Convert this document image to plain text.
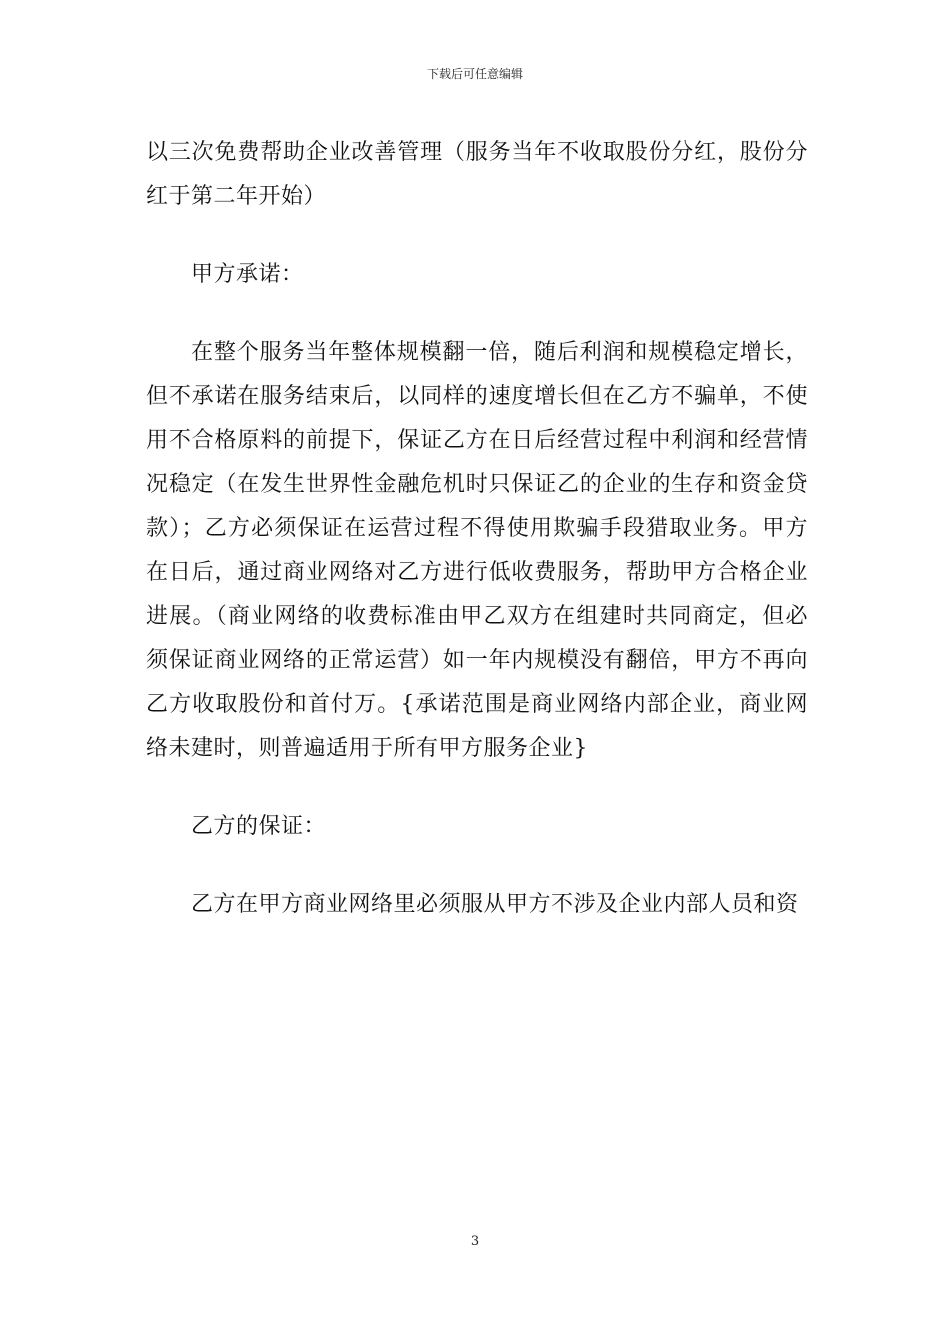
下载后可任意编辑

以三次免费帮助企业改善管理（服务当年不收取股份分红，股份分红于第二年开始）

甲方承诺：

在整个服务当年整体规模翻一倍，随后利润和规模稳定增长，但不承诺在服务结束后，以同样的速度增长但在乙方不骗单，不使用不合格原料的前提下，保证乙方在日后经营过程中利润和经营情况稳定（在发生世界性金融危机时只保证乙的企业的生存和资金贷款）；乙方必须保证在运营过程不得使用欺骗手段猎取业务。甲方在日后，通过商业网络对乙方进行低收费服务，帮助甲方合格企业进展。（商业网络的收费标准由甲乙双方在组建时共同商定，但必须保证商业网络的正常运营）如一年内规模没有翻倍，甲方不再向乙方收取股份和首付万。{承诺范围是商业网络内部企业，商业网络未建时，则普遍适用于所有甲方服务企业}

乙方的保证：

乙方在甲方商业网络里必须服从甲方不涉及企业内部人员和资

3
